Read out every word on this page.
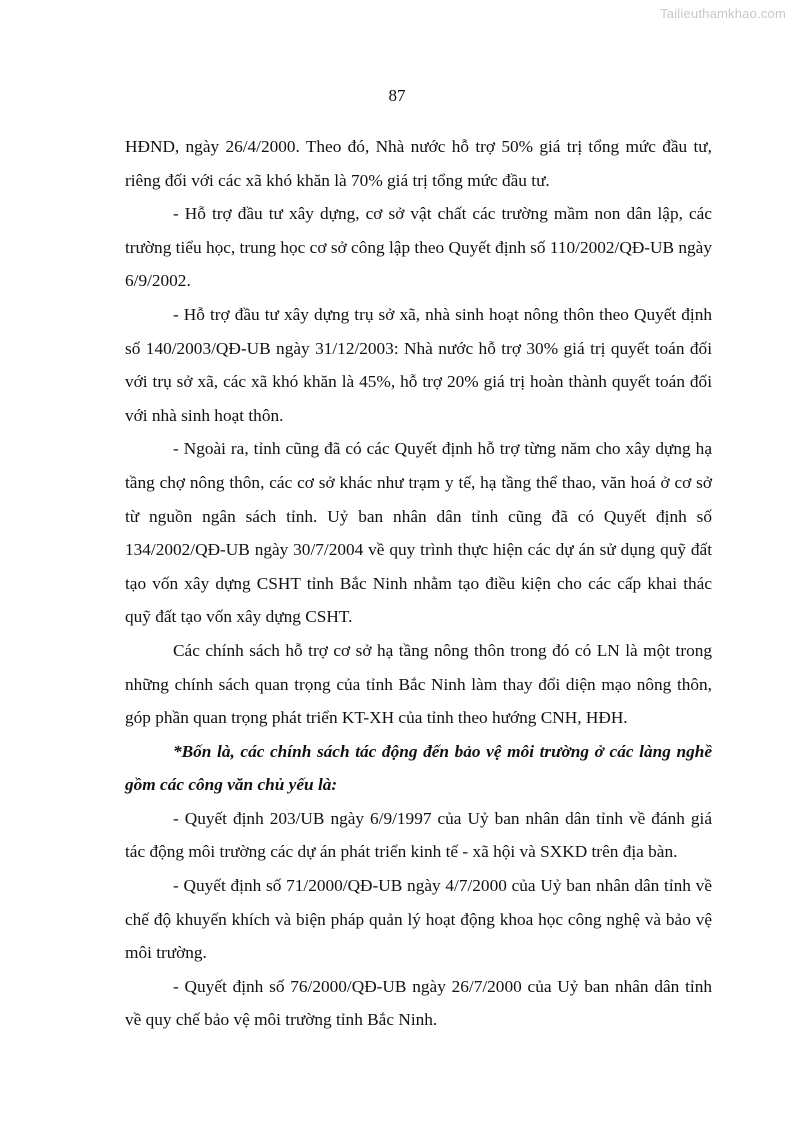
Tailieuthamkhao.com
87

HĐND, ngày 26/4/2000. Theo đó, Nhà nước hỗ trợ 50% giá trị tổng mức đầu tư, riêng đối với các xã khó khăn là 70% giá trị tổng mức đầu tư.

- Hỗ trợ đầu tư xây dựng, cơ sở vật chất các trường mầm non dân lập, các trường tiểu học, trung học cơ sở công lập theo Quyết định số 110/2002/QĐ-UB ngày 6/9/2002.

- Hỗ trợ đầu tư xây dựng trụ sở xã, nhà sinh hoạt nông thôn theo Quyết định số 140/2003/QĐ-UB ngày 31/12/2003: Nhà nước hỗ trợ 30% giá trị quyết toán đối với trụ sở xã, các xã khó khăn là 45%, hỗ trợ 20% giá trị hoàn thành quyết toán đối với nhà sinh hoạt thôn.

- Ngoài ra, tỉnh cũng đã có các Quyết định hỗ trợ từng năm cho xây dựng hạ tầng chợ nông thôn, các cơ sở khác như trạm y tế, hạ tầng thể thao, văn hoá ở cơ sở từ nguồn ngân sách tỉnh. Uỷ ban nhân dân tỉnh cũng đã có Quyết định số 134/2002/QĐ-UB ngày 30/7/2004 về quy trình thực hiện các dự án sử dụng quỹ đất tạo vốn xây dựng CSHT tỉnh Bắc Ninh nhằm tạo điều kiện cho các cấp khai thác quỹ đất tạo vốn xây dựng CSHT.

Các chính sách hỗ trợ cơ sở hạ tầng nông thôn trong đó có LN là một trong những chính sách quan trọng của tỉnh Bắc Ninh làm thay đổi diện mạo nông thôn, góp phần quan trọng phát triển KT-XH của tỉnh theo hướng CNH, HĐH.

*Bốn là, các chính sách tác động đến bảo vệ môi trường ở các làng nghề gồm các công văn chủ yếu là:

- Quyết định 203/UB ngày 6/9/1997 của Uỷ ban nhân dân tỉnh về đánh giá tác động môi trường các dự án phát triển kinh tế - xã hội và SXKD trên địa bàn.

- Quyết định số 71/2000/QĐ-UB ngày 4/7/2000 của Uỷ ban nhân dân tỉnh về chế độ khuyến khích và biện pháp quản lý hoạt động khoa học công nghệ và bảo vệ môi trường.

- Quyết định số 76/2000/QĐ-UB ngày 26/7/2000 của Uỷ ban nhân dân tỉnh về quy chế bảo vệ môi trường tỉnh Bắc Ninh.
